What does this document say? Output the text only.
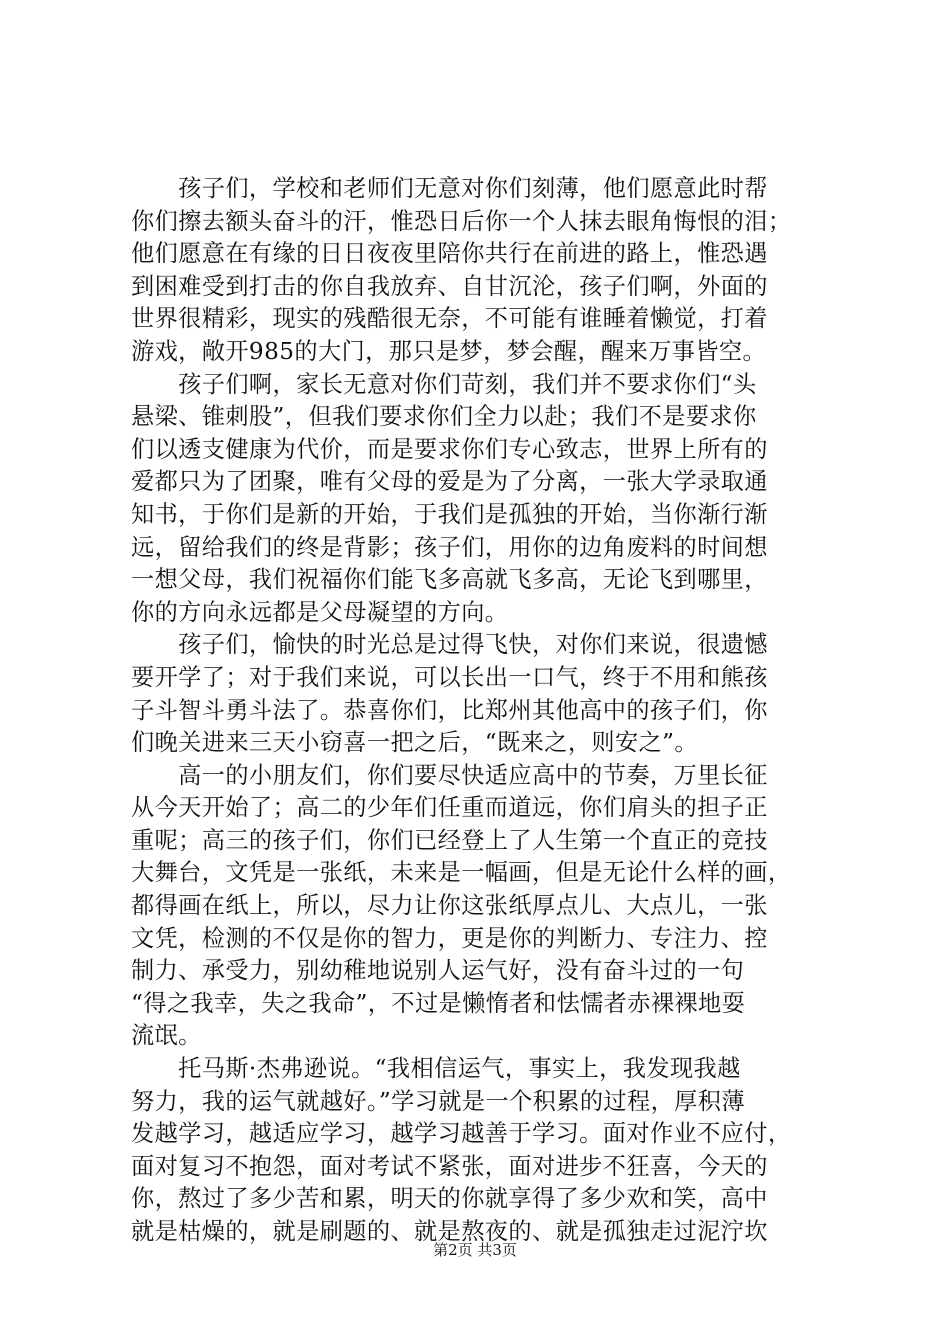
　　孩子们，学校和老师们无意对你们刻薄，他们愿意此时帮
你们擦去额头奋斗的汗，惟恐日后你一个人抹去眼角悔恨的泪；
他们愿意在有缘的日日夜夜里陪你共行在前进的路上，惟恐遇
到困难受到打击的你自我放弃、自甘沉沦，孩子们啊，外面的
世界很精彩，现实的残酷很无奈，不可能有谁睡着懒觉，打着
游戏，敞开985的大门，那只是梦，梦会醒，醒来万事皆空。
　　孩子们啊，家长无意对你们苛刻，我们并不要求你们“头
悬梁、锥刺股”，但我们要求你们全力以赴；我们不是要求你
们以透支健康为代价，而是要求你们专心致志，世界上所有的
爱都只为了团聚，唯有父母的爱是为了分离，一张大学录取通
知书，于你们是新的开始，于我们是孤独的开始，当你渐行渐
远，留给我们的终是背影；孩子们，用你的边角废料的时间想
一想父母，我们祝福你们能飞多高就飞多高，无论飞到哪里，
你的方向永远都是父母凝望的方向。
　　孩子们，愉快的时光总是过得飞快，对你们来说，很遗憾
要开学了；对于我们来说，可以长出一口气，终于不用和熊孩
子斗智斗勇斗法了。恭喜你们，比郑州其他高中的孩子们，你
们晚关进来三天小窃喜一把之后，“既来之，则安之”。
　　高一的小朋友们，你们要尽快适应高中的节奏，万里长征
从今天开始了；高二的少年们任重而道远，你们肩头的担子正
重呢；高三的孩子们，你们已经登上了人生第一个直正的竞技
大舞台，文凭是一张纸，未来是一幅画，但是无论什么样的画，
都得画在纸上，所以，尽力让你这张纸厚点儿、大点儿，一张
文凭，检测的不仅是你的智力，更是你的判断力、专注力、控
制力、承受力，别幼稚地说别人运气好，没有奋斗过的一句
“得之我幸，失之我命”，不过是懒惰者和怯懦者赤裸裸地耍
流氓。
　　托马斯·杰弗逊说。“我相信运气，事实上，我发现我越
努力，我的运气就越好。”学习就是一个积累的过程，厚积薄
发越学习，越适应学习，越学习越善于学习。面对作业不应付，
面对复习不抱怨，面对考试不紧张，面对进步不狂喜，今天的
你，熬过了多少苦和累，明天的你就享得了多少欢和笑，高中
就是枯燥的，就是刷题的、就是熬夜的、就是孤独走过泥泞坎
第2页 共3页
